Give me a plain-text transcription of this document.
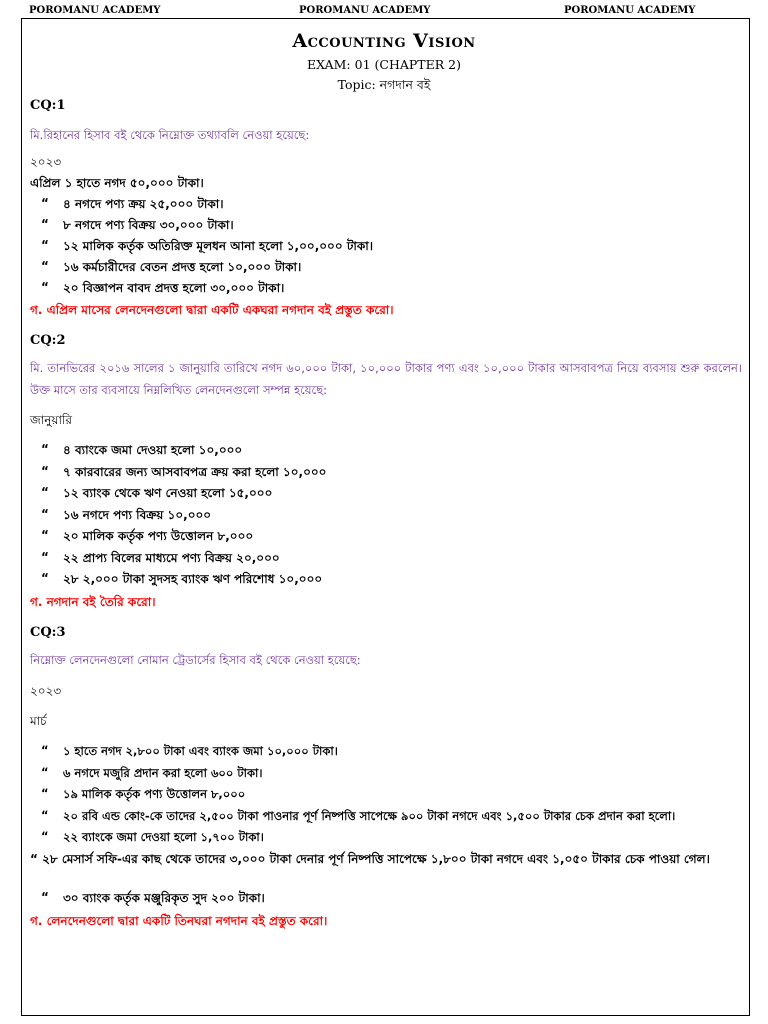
POROMANU ACADEMY	POROMANU ACADEMY	POROMANU ACADEMY
Accounting Vision
EXAM: 01 (CHAPTER 2)
Topic: নগদান বই
CQ:1
মি.রিহানের হিসাব বই থেকে নিম্নোক্ত তথ্যাবলি নেওয়া হয়েছে:
২০২৩
এপ্রিল ১ হাতে নগদ ৫০,০০০ টাকা।
“ ৪ নগদে পণ্য ক্রয় ২৫,০০০ টাকা।
“ ৮ নগদে পণ্য বিক্রয় ৩০,০০০ টাকা।
“ ১২ মালিক কর্তৃক অতিরিক্ত মূলধন আনা হলো ১,০০,০০০ টাকা।
“ ১৬ কর্মচারীদের বেতন প্রদত্ত হলো ১০,০০০ টাকা।
“ ২০ বিজ্ঞাপন বাবদ প্রদত্ত হলো ৩০,০০০ টাকা।
গ. এপ্রিল মাসের লেনদেনগুলো দ্বারা একটি একঘরা নগদান বই প্রস্তুত করো।
CQ:2
মি. তানভিরের ২০১৬ সালের ১ জানুয়ারি তারিখে নগদ ৬০,০০০ টাকা, ১০,০০০ টাকার পণ্য এবং ১০,০০০ টাকার আসবাবপত্র নিয়ে ব্যবসায় শুরু করলেন। উক্ত মাসে তার ব্যবসায়ে নিম্নলিখিত লেনদেনগুলো সম্পন্ন হয়েছে:
জানুয়ারি
“ ৪ ব্যাংকে জমা দেওয়া হলো ১০,০০০
“ ৭ কারবারের জন্য আসবাবপত্র ক্রয় করা হলো ১০,০০০
“ ১২ ব্যাংক থেকে ঋণ নেওয়া হলো ১৫,০০০
“ ১৬ নগদে পণ্য বিক্রয় ১০,০০০
“ ২০ মালিক কর্তৃক পণ্য উত্তোলন ৮,০০০
“ ২২ প্রাপ্য বিলের মাধ্যমে পণ্য বিক্রয় ২০,০০০
“ ২৮ ২,০০০ টাকা সুদসহ ব্যাংক ঋণ পরিশোধ ১০,০০০
গ. নগদান বই তৈরি করো।
CQ:3
নিম্নোক্ত লেনদেনগুলো নোমান ট্রেডার্সের হিসাব বই থেকে নেওয়া হয়েছে:
২০২৩
মার্চ
“ ১ হাতে নগদ ২,৮০০ টাকা এবং ব্যাংক জমা ১০,০০০ টাকা।
“ ৬ নগদে মজুরি প্রদান করা হলো ৬০০ টাকা।
“ ১৯ মালিক কর্তৃক পণ্য উত্তোলন ৮,০০০
“ ২০ রবি এন্ড কোং-কে তাদের ২,৫০০ টাকা পাওনার পূর্ণ নিষ্পত্তি সাপেক্ষে ৯০০ টাকা নগদে এবং ১,৫০০ টাকার চেক প্রদান করা হলো।
“ ২২ ব্যাংকে জমা দেওয়া হলো ১,৭০০ টাকা।
“ ২৮ মেসার্স সফি-এর কাছ থেকে তাদের ৩,০০০ টাকা দেনার পূর্ণ নিষ্পত্তি সাপেক্ষে ১,৮০০ টাকা নগদে এবং ১,০৫০ টাকার চেক পাওয়া গেল।
“ ৩০ ব্যাংক কর্তৃক মঞ্জুরিকৃত সুদ ২০০ টাকা।
গ. লেনদেনগুলো দ্বারা একটি তিনঘরা নগদান বই প্রস্তুত করো।
